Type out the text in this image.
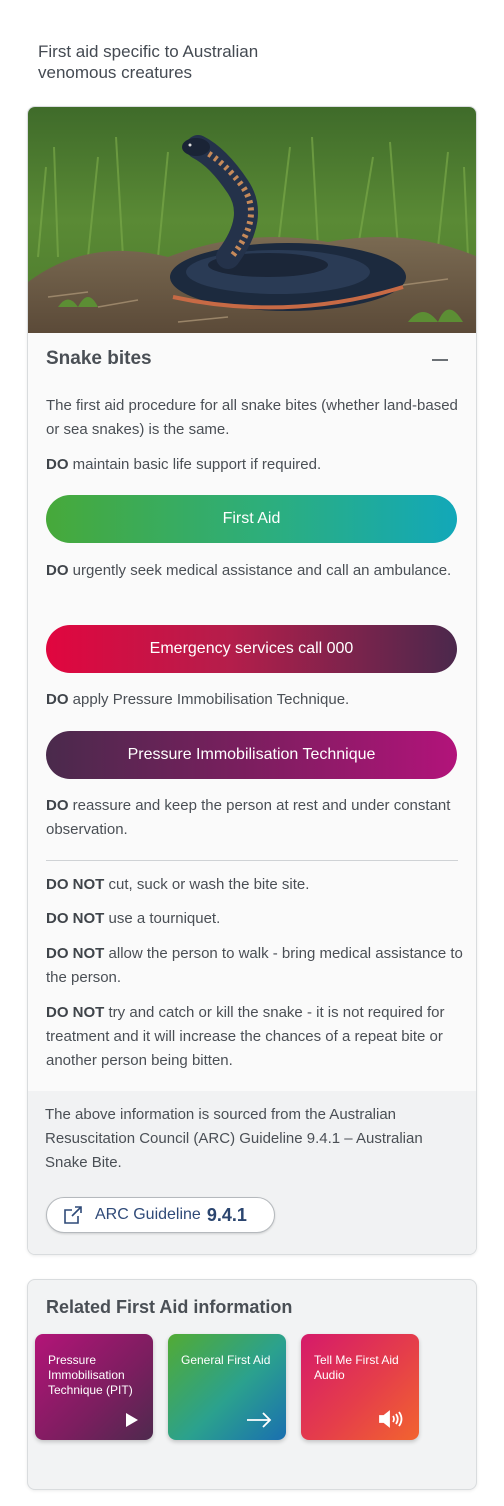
First aid specific to Australian venomous creatures
Snake bites
The first aid procedure for all snake bites (whether land-based or sea snakes) is the same.
DO maintain basic life support if required.
First Aid
DO urgently seek medical assistance and call an ambulance.
Emergency services call 000
DO apply Pressure Immobilisation Technique.
Pressure Immobilisation Technique
DO reassure and keep the person at rest and under constant observation.
DO NOT cut, suck or wash the bite site.
DO NOT use a tourniquet.
DO NOT allow the person to walk - bring medical assistance to the person.
DO NOT try and catch or kill the snake - it is not required for treatment and it will increase the chances of a repeat bite or another person being bitten.
The above information is sourced from the Australian Resuscitation Council (ARC) Guideline 9.4.1 – Australian Snake Bite.
ARC Guideline 9.4.1
Related First Aid information
Pressure Immobilisation Technique (PIT)
General First Aid	Tell Me First Aid Audio
